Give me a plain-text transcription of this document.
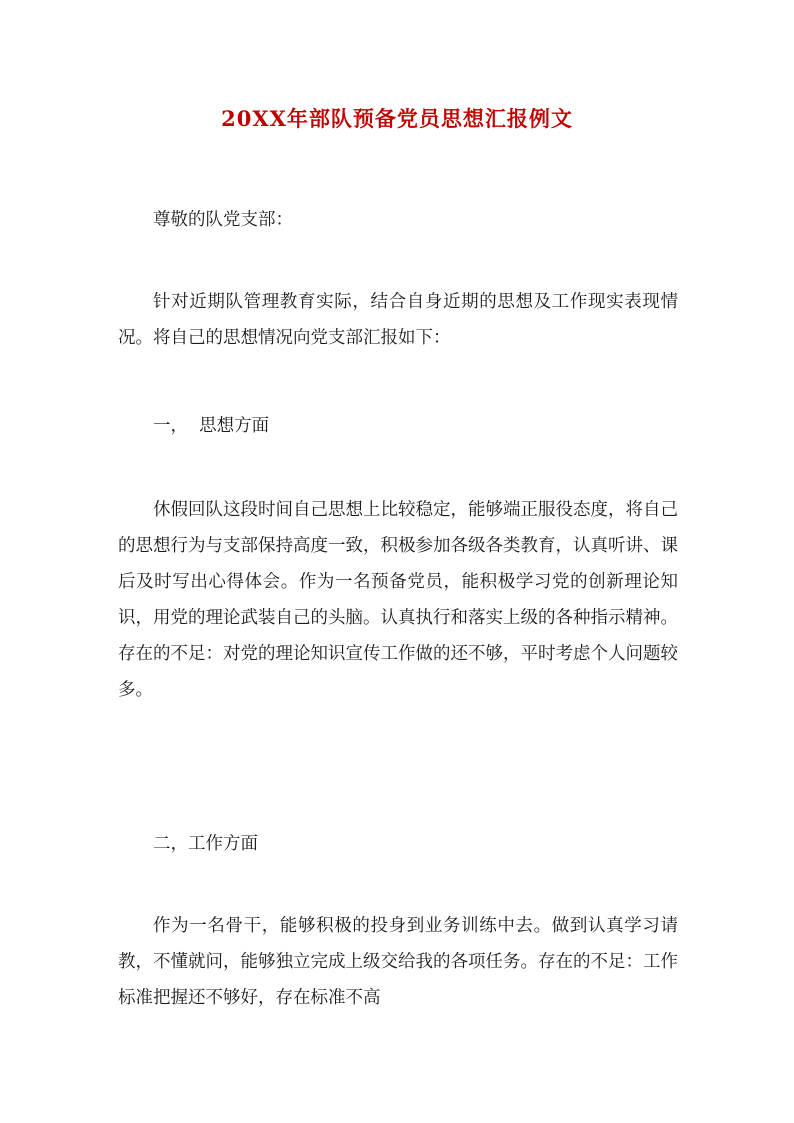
20XX年部队预备党员思想汇报例文

尊敬的队党支部：

针对近期队管理教育实际，结合自身近期的思想及工作现实表现情况。将自己的思想情况向党支部汇报如下：

一，  思想方面

休假回队这段时间自己思想上比较稳定，能够端正服役态度，将自己的思想行为与支部保持高度一致，积极参加各级各类教育，认真听讲、课后及时写出心得体会。作为一名预备党员，能积极学习党的创新理论知识，用党的理论武装自己的头脑。认真执行和落实上级的各种指示精神。存在的不足：对党的理论知识宣传工作做的还不够，平时考虑个人问题较多。

二，工作方面

作为一名骨干，能够积极的投身到业务训练中去。做到认真学习请教，不懂就问，能够独立完成上级交给我的各项任务。存在的不足：工作标准把握还不够好，存在标准不高
